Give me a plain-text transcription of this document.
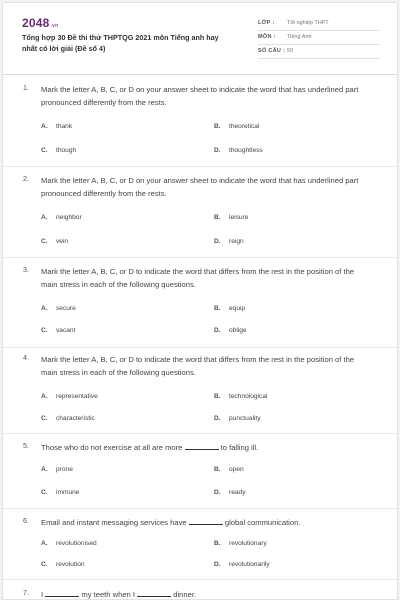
2048.vn
Tổng hợp 30 Đề thi thử THPTQG 2021 môn Tiếng anh hay nhất có lời giải (Đề số 4)
LỚP : Tốt nghiệp THPT
MÔN : Tiếng Anh
SỐ CÂU : 50
1. Mark the letter A, B, C, or D on your answer sheet to indicate the word that has underlined part pronounced differently from the rests.
A. thank	B. theoretical
C. though	D. thoughtless
2. Mark the letter A, B, C, or D on your answer sheet to indicate the word that has underlined part pronounced differently from the rests.
A. neighbor	B. leisure
C. vein	D. reign
3. Mark the letter A, B, C, or D to indicate the word that differs from the rest in the position of the main stress in each of the following questions.
A. secure	B. equip
C. vacant	D. oblige
4. Mark the letter A, B, C, or D to indicate the word that differs from the rest in the position of the main stress in each of the following questions.
A. representative	B. technological
C. characteristic	D. punctuality
5. Those who do not exercise at all are more	to falling ill.
A. prone	B. open
C. immune	D. ready
6. Email and instant messaging services have	global communication.
A. revolutionised	B. revolutionary
C. revolution	D. revolutionarily
7. I	my teeth when I	dinner.
